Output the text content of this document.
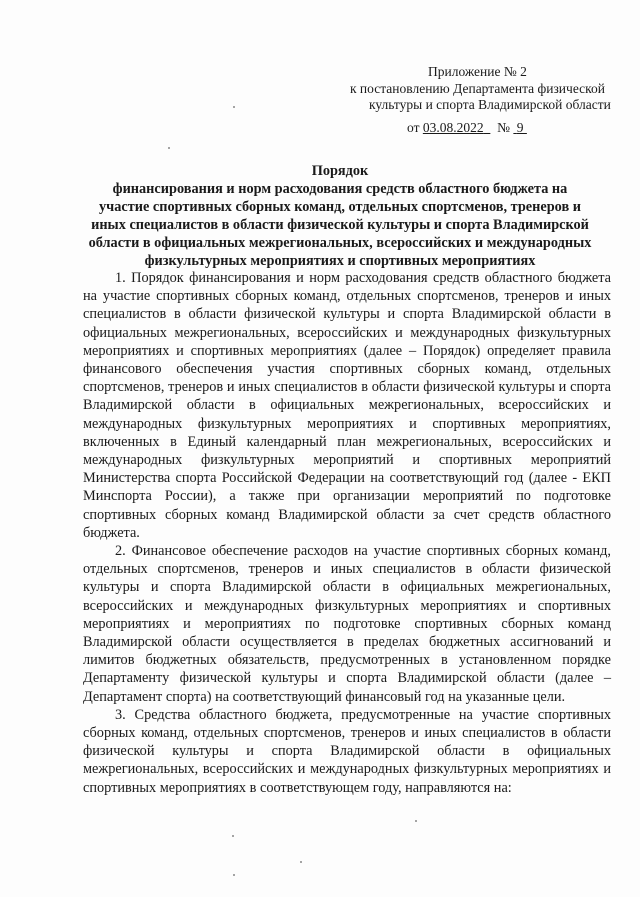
Приложение № 2
к постановлению Департамента физической
культуры и спорта Владимирской области
от 03.08.2022 № 9
Порядок
финансирования и норм расходования средств областного бюджета на
участие спортивных сборных команд, отдельных спортсменов, тренеров и
иных специалистов в области физической культуры и спорта Владимирской
области в официальных межрегиональных, всероссийских и международных
физкультурных мероприятиях и спортивных мероприятиях

1. Порядок финансирования и норм расходования средств областного бюджета на участие спортивных сборных команд, отдельных спортсменов, тренеров и иных специалистов в области физической культуры и спорта Владимирской области в официальных межрегиональных, всероссийских и международных физкультурных мероприятиях и спортивных мероприятиях (далее – Порядок) определяет правила финансового обеспечения участия спортивных сборных команд, отдельных спортсменов, тренеров и иных специалистов в области физической культуры и спорта Владимирской области в официальных межрегиональных, всероссийских и международных физкультурных мероприятиях и спортивных мероприятиях, включенных в Единый календарный план межрегиональных, всероссийских и международных физкультурных мероприятий и спортивных мероприятий Министерства спорта Российской Федерации на соответствующий год (далее - ЕКП Минспорта России), а также при организации мероприятий по подготовке спортивных сборных команд Владимирской области за счет средств областного бюджета.

2. Финансовое обеспечение расходов на участие спортивных сборных команд, отдельных спортсменов, тренеров и иных специалистов в области физической культуры и спорта Владимирской области в официальных межрегиональных, всероссийских и международных физкультурных мероприятиях и спортивных мероприятиях и мероприятиях по подготовке спортивных сборных команд Владимирской области осуществляется в пределах бюджетных ассигнований и лимитов бюджетных обязательств, предусмотренных в установленном порядке Департаменту физической культуры и спорта Владимирской области (далее – Департамент спорта) на соответствующий финансовый год на указанные цели.

3. Средства областного бюджета, предусмотренные на участие спортивных сборных команд, отдельных спортсменов, тренеров и иных специалистов в области физической культуры и спорта Владимирской области в официальных межрегиональных, всероссийских и международных физкультурных мероприятиях и спортивных мероприятиях в соответствующем году, направляются на:
